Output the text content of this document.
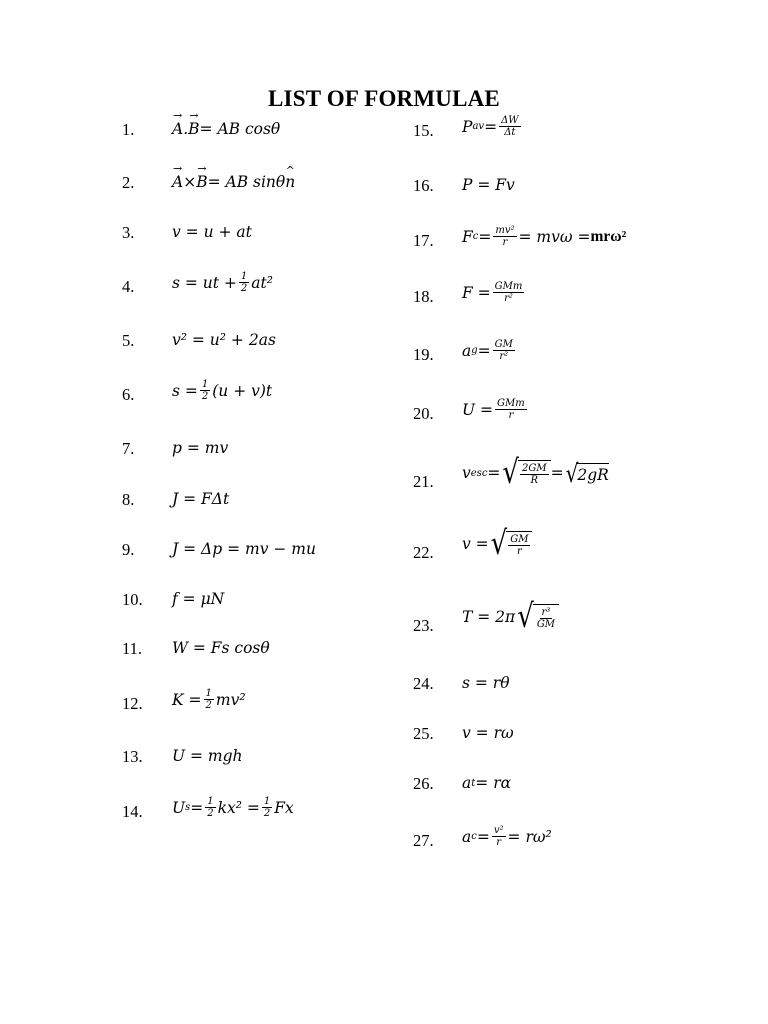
LIST OF FORMULAE
1. → A . → B = AB cosθ
2. → A × → B = AB sinθ ^ n
3. v = u + at
4. s = ut + $\frac{1}{2} at^2$
5. v² = u² + 2as
6. $s = \frac{1}{2} (u + v)t$
7. p = mv
8. J = FΔt
9. J = Δp = mv − mu
10. f = μN
11. W = Fs cosθ
12. $K = \frac{1}{2} mv^2$
13. U = mgh
14. U $s = \frac{1}{2} kx^2 = \frac{1}{2}$ Fx
15. P av = $\frac{\Delta W}{\Delta t}$
16. P = Fv
17. F $c = \frac{\text{mv²}}{r} = mv\omega = mr\omega^2$
18. $F = \frac{\text{GMm}}{\text{r²}}$
19. a $g = \frac{GM}{\text{r²}}$
20. $U = \frac{\text{GMm}}{r}$
21. v esc = √ $\frac{2GM}{R}$ = √ 2gR
22. v = √ $\frac{GM}{r}$
23. T = 2π √ $\frac{\text{r³}}{GM}$
24. s = rθ
25. v = rω
26. a t = rα
27. a $c = \frac{\text{v²}}{r} = r\omega^2$
